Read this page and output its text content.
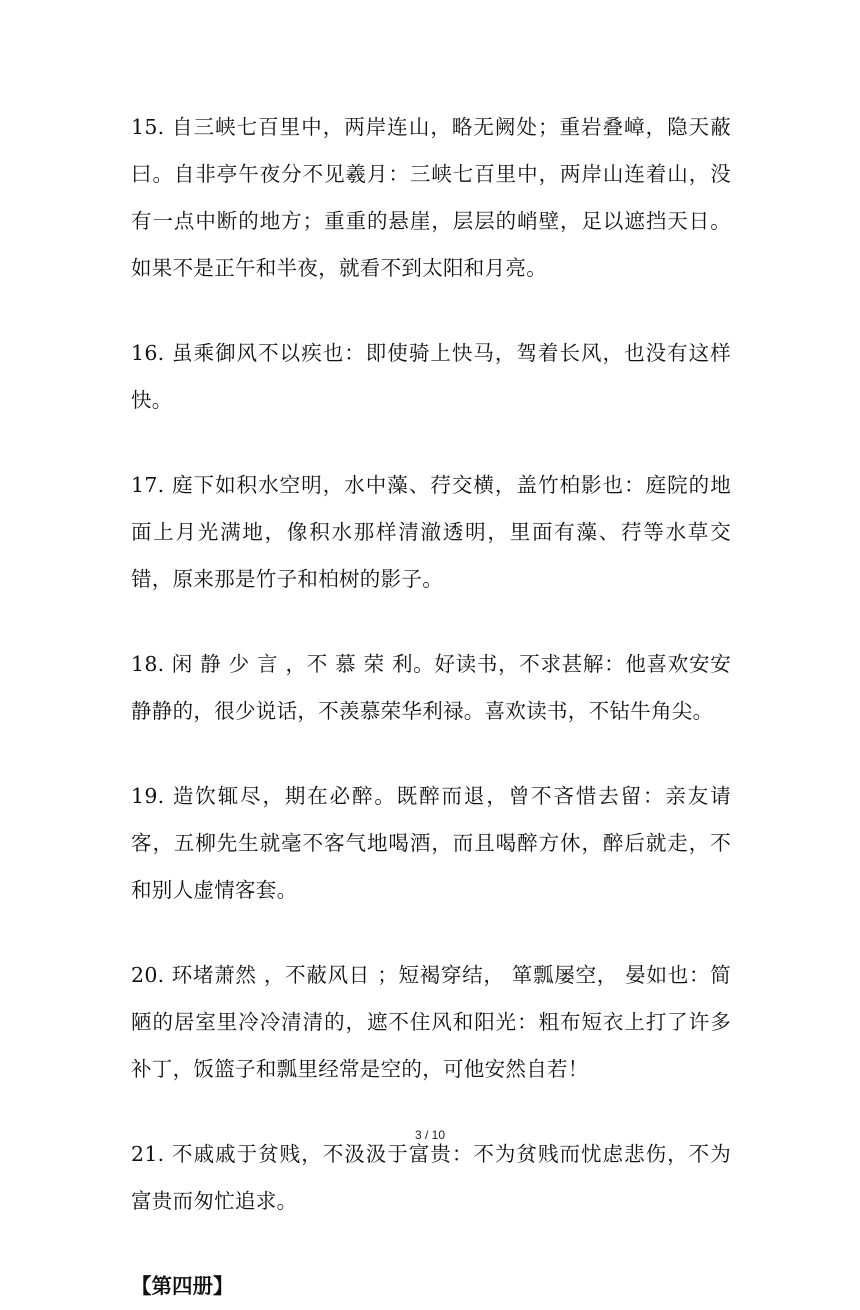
15. 自三峡七百里中，两岸连山，略无阙处；重岩叠嶂，隐天蔽曰。自非亭午夜分不见羲月：三峡七百里中，两岸山连着山，没有一点中断的地方；重重的悬崖，层层的峭壁，足以遮挡天日。如果不是正午和半夜，就看不到太阳和月亮。

16. 虽乘御风不以疾也：即使骑上快马，驾着长风，也没有这样快。

17. 庭下如积水空明，水中藻、荇交横，盖竹柏影也：庭院的地面上月光满地，像积水那样清澈透明，里面有藻、荇等水草交错，原来那是竹子和柏树的影子。

18. 闲 静 少 言 ，不 慕 荣 利。好读书，不求甚解：他喜欢安安静静的，很少说话，不羡慕荣华利禄。喜欢读书，不钻牛角尖。

19. 造饮辄尽，期在必醉。既醉而退，曾不吝惜去留：亲友请客，五柳先生就毫不客气地喝酒，而且喝醉方休，醉后就走，不和别人虚情客套。

20. 环堵萧然 ，不蔽风日 ；短褐穿结， 箪瓢屡空， 晏如也：简陋的居室里冷冷清清的，遮不住风和阳光：粗布短衣上打了许多补丁，饭篮子和瓢里经常是空的，可他安然自若！

21. 不戚戚于贫贱，不汲汲于富贵：不为贫贱而忧虑悲伤，不为富贵而匆忙追求。

【第四册】

3 / 10
